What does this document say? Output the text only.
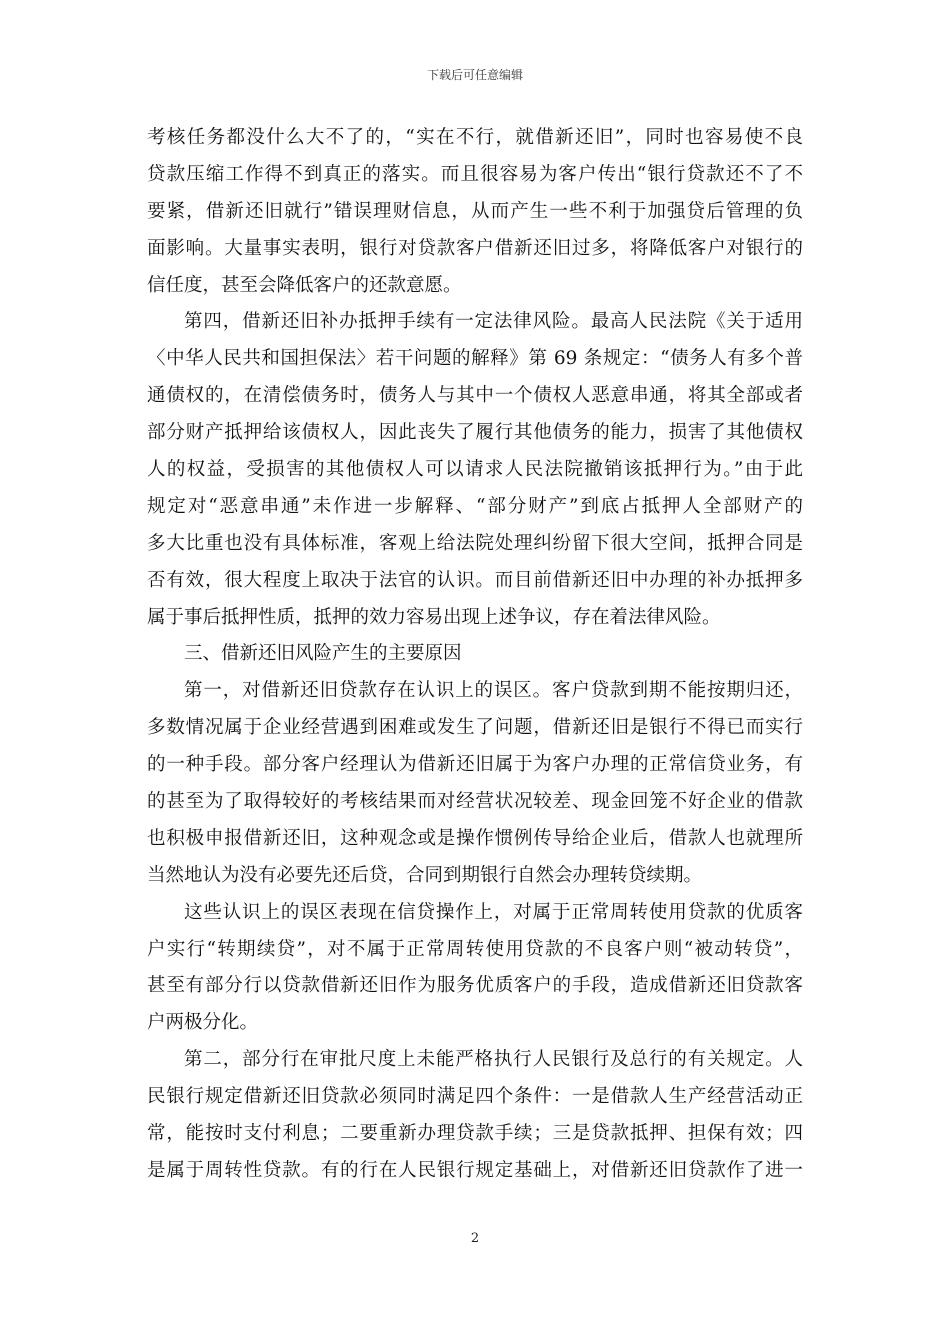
下载后可任意编辑
考核任务都没什么大不了的，“实在不行，就借新还旧”，同时也容易使不良
贷款压缩工作得不到真正的落实。而且很容易为客户传出“银行贷款还不了不
要紧，借新还旧就行”错误理财信息，从而产生一些不利于加强贷后管理的负
面影响。大量事实表明，银行对贷款客户借新还旧过多，将降低客户对银行的
信任度，甚至会降低客户的还款意愿。
第四，借新还旧补办抵押手续有一定法律风险。最高人民法院《关于适用
〈中华人民共和国担保法〉若干问题的解释》第 69 条规定：“债务人有多个普
通债权的，在清偿债务时，债务人与其中一个债权人恶意串通，将其全部或者
部分财产抵押给该债权人，因此丧失了履行其他债务的能力，损害了其他债权
人的权益，受损害的其他债权人可以请求人民法院撤销该抵押行为。”由于此
规定对“恶意串通”未作进一步解释、“部分财产”到底占抵押人全部财产的
多大比重也没有具体标准，客观上给法院处理纠纷留下很大空间，抵押合同是
否有效，很大程度上取决于法官的认识。而目前借新还旧中办理的补办抵押多
属于事后抵押性质，抵押的效力容易出现上述争议，存在着法律风险。
三、借新还旧风险产生的主要原因
第一，对借新还旧贷款存在认识上的误区。客户贷款到期不能按期归还，
多数情况属于企业经营遇到困难或发生了问题，借新还旧是银行不得已而实行
的一种手段。部分客户经理认为借新还旧属于为客户办理的正常信贷业务，有
的甚至为了取得较好的考核结果而对经营状况较差、现金回笼不好企业的借款
也积极申报借新还旧，这种观念或是操作惯例传导给企业后，借款人也就理所
当然地认为没有必要先还后贷，合同到期银行自然会办理转贷续期。
这些认识上的误区表现在信贷操作上，对属于正常周转使用贷款的优质客
户实行“转期续贷”，对不属于正常周转使用贷款的不良客户则“被动转贷”，
甚至有部分行以贷款借新还旧作为服务优质客户的手段，造成借新还旧贷款客
户两极分化。
第二，部分行在审批尺度上未能严格执行人民银行及总行的有关规定。人
民银行规定借新还旧贷款必须同时满足四个条件：一是借款人生产经营活动正
常，能按时支付利息；二要重新办理贷款手续；三是贷款抵押、担保有效；四
是属于周转性贷款。有的行在人民银行规定基础上，对借新还旧贷款作了进一
2
